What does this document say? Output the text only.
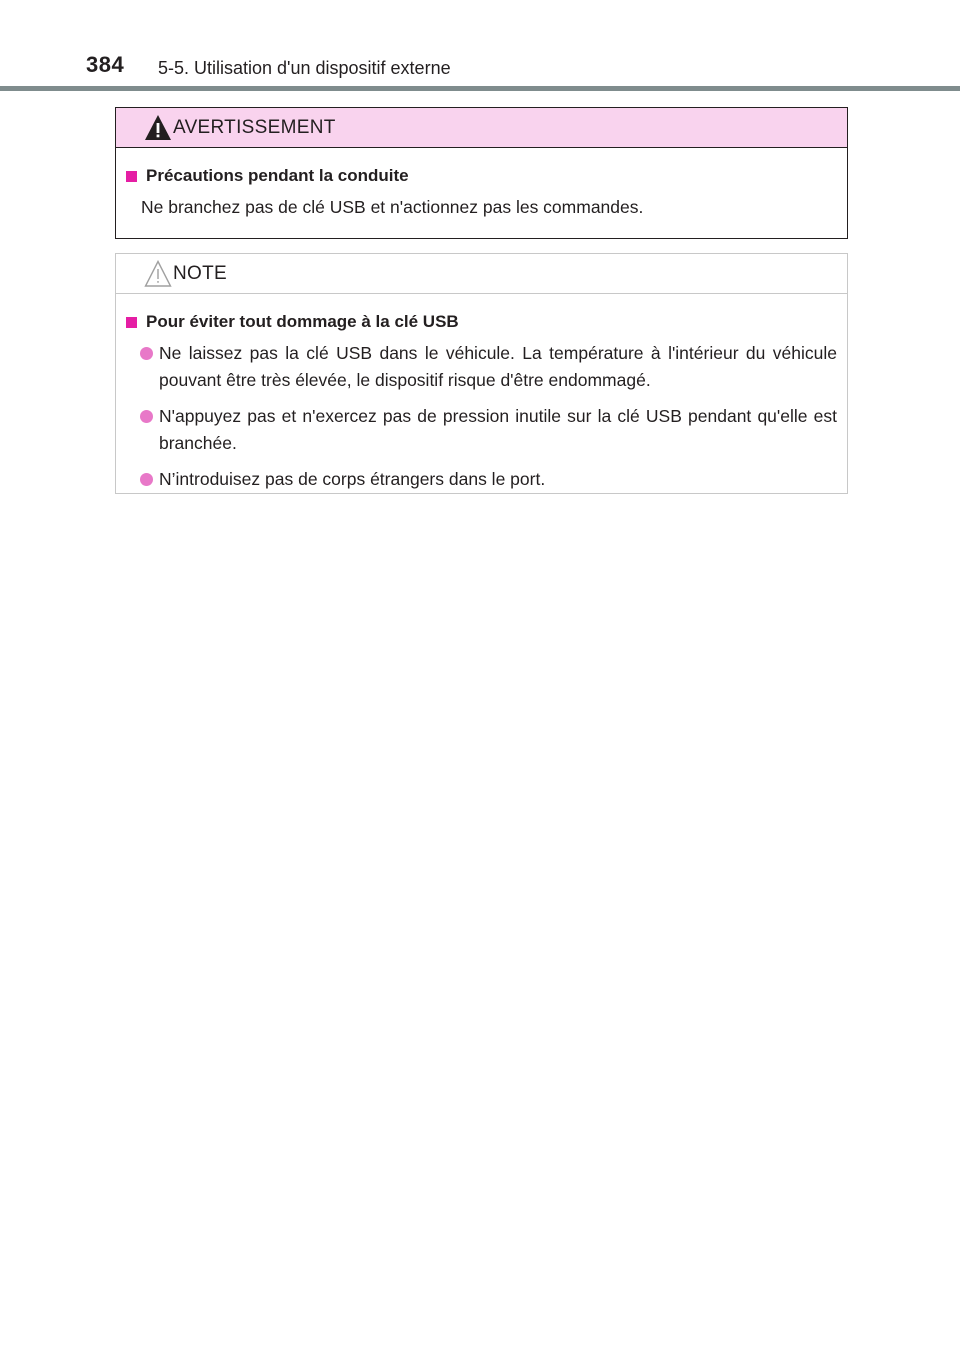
384 5-5. Utilisation d'un dispositif externe
AVERTISSEMENT
Précautions pendant la conduite

Ne branchez pas de clé USB et n'actionnez pas les commandes.

NOTE
Pour éviter tout dommage à la clé USB
Ne laissez pas la clé USB dans le véhicule. La température à l'intérieur du véhicule pouvant être très élevée, le dispositif risque d'être endommagé.
N'appuyez pas et n'exercez pas de pression inutile sur la clé USB pendant qu'elle est branchée.
N’introduisez pas de corps étrangers dans le port.
